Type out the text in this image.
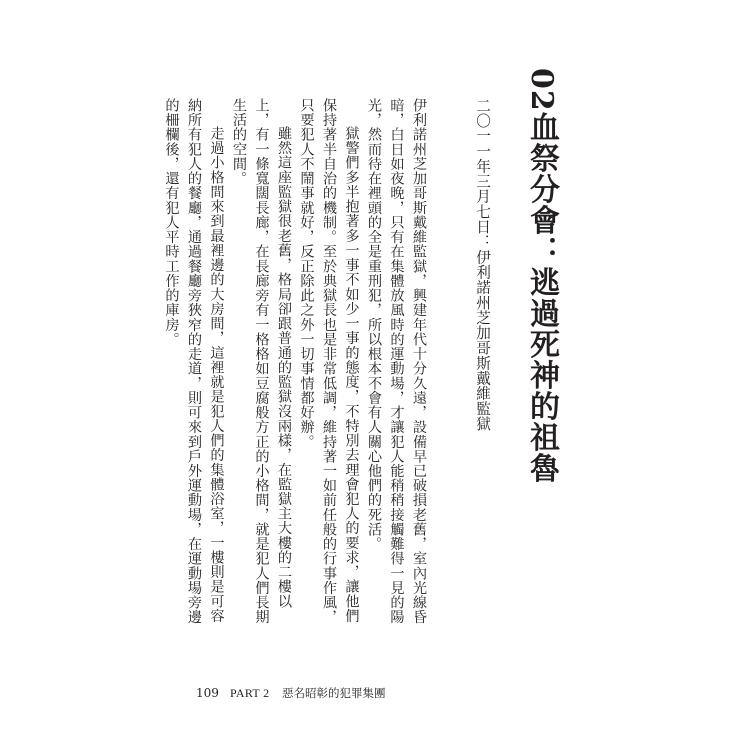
02血祭分會：逃過死神的祖魯
二〇一一年三月七日：伊利諾州芝加哥斯戴維監獄

伊利諾州芝加哥斯戴維監獄，興建年代十分久遠，設備早已破損老舊，室內光線昏暗，白日如夜晚，只有在集體放風時的運動場，才讓犯人能稍稍接觸難得一見的陽光，然而待在裡頭的全是重刑犯，所以根本不會有人關心他們的死活。

獄警們多半抱著多一事不如少一事的態度，不特別去理會犯人的要求，讓他們保持著半自治的機制。至於典獄長也是非常低調，維持著一如前任般的行事作風，只要犯人不鬧事就好，反正除此之外一切事情都好辦。

雖然這座監獄很老舊，格局卻跟普通的監獄沒兩樣，在監獄主大樓的二樓以上，有一條寬闊長廊，在長廊旁有一格格如豆腐般方正的小格間，就是犯人們長期生活的空間。

走過小格間來到最裡邊的大房間，這裡就是犯人們的集體浴室，一樓則是可容納所有犯人的餐廳，通過餐廳旁狹窄的走道，則可來到戶外運動場，在運動場旁邊的柵欄後，還有犯人平時工作的庫房。

109 PART 2 惡名昭彰的犯罪集團
